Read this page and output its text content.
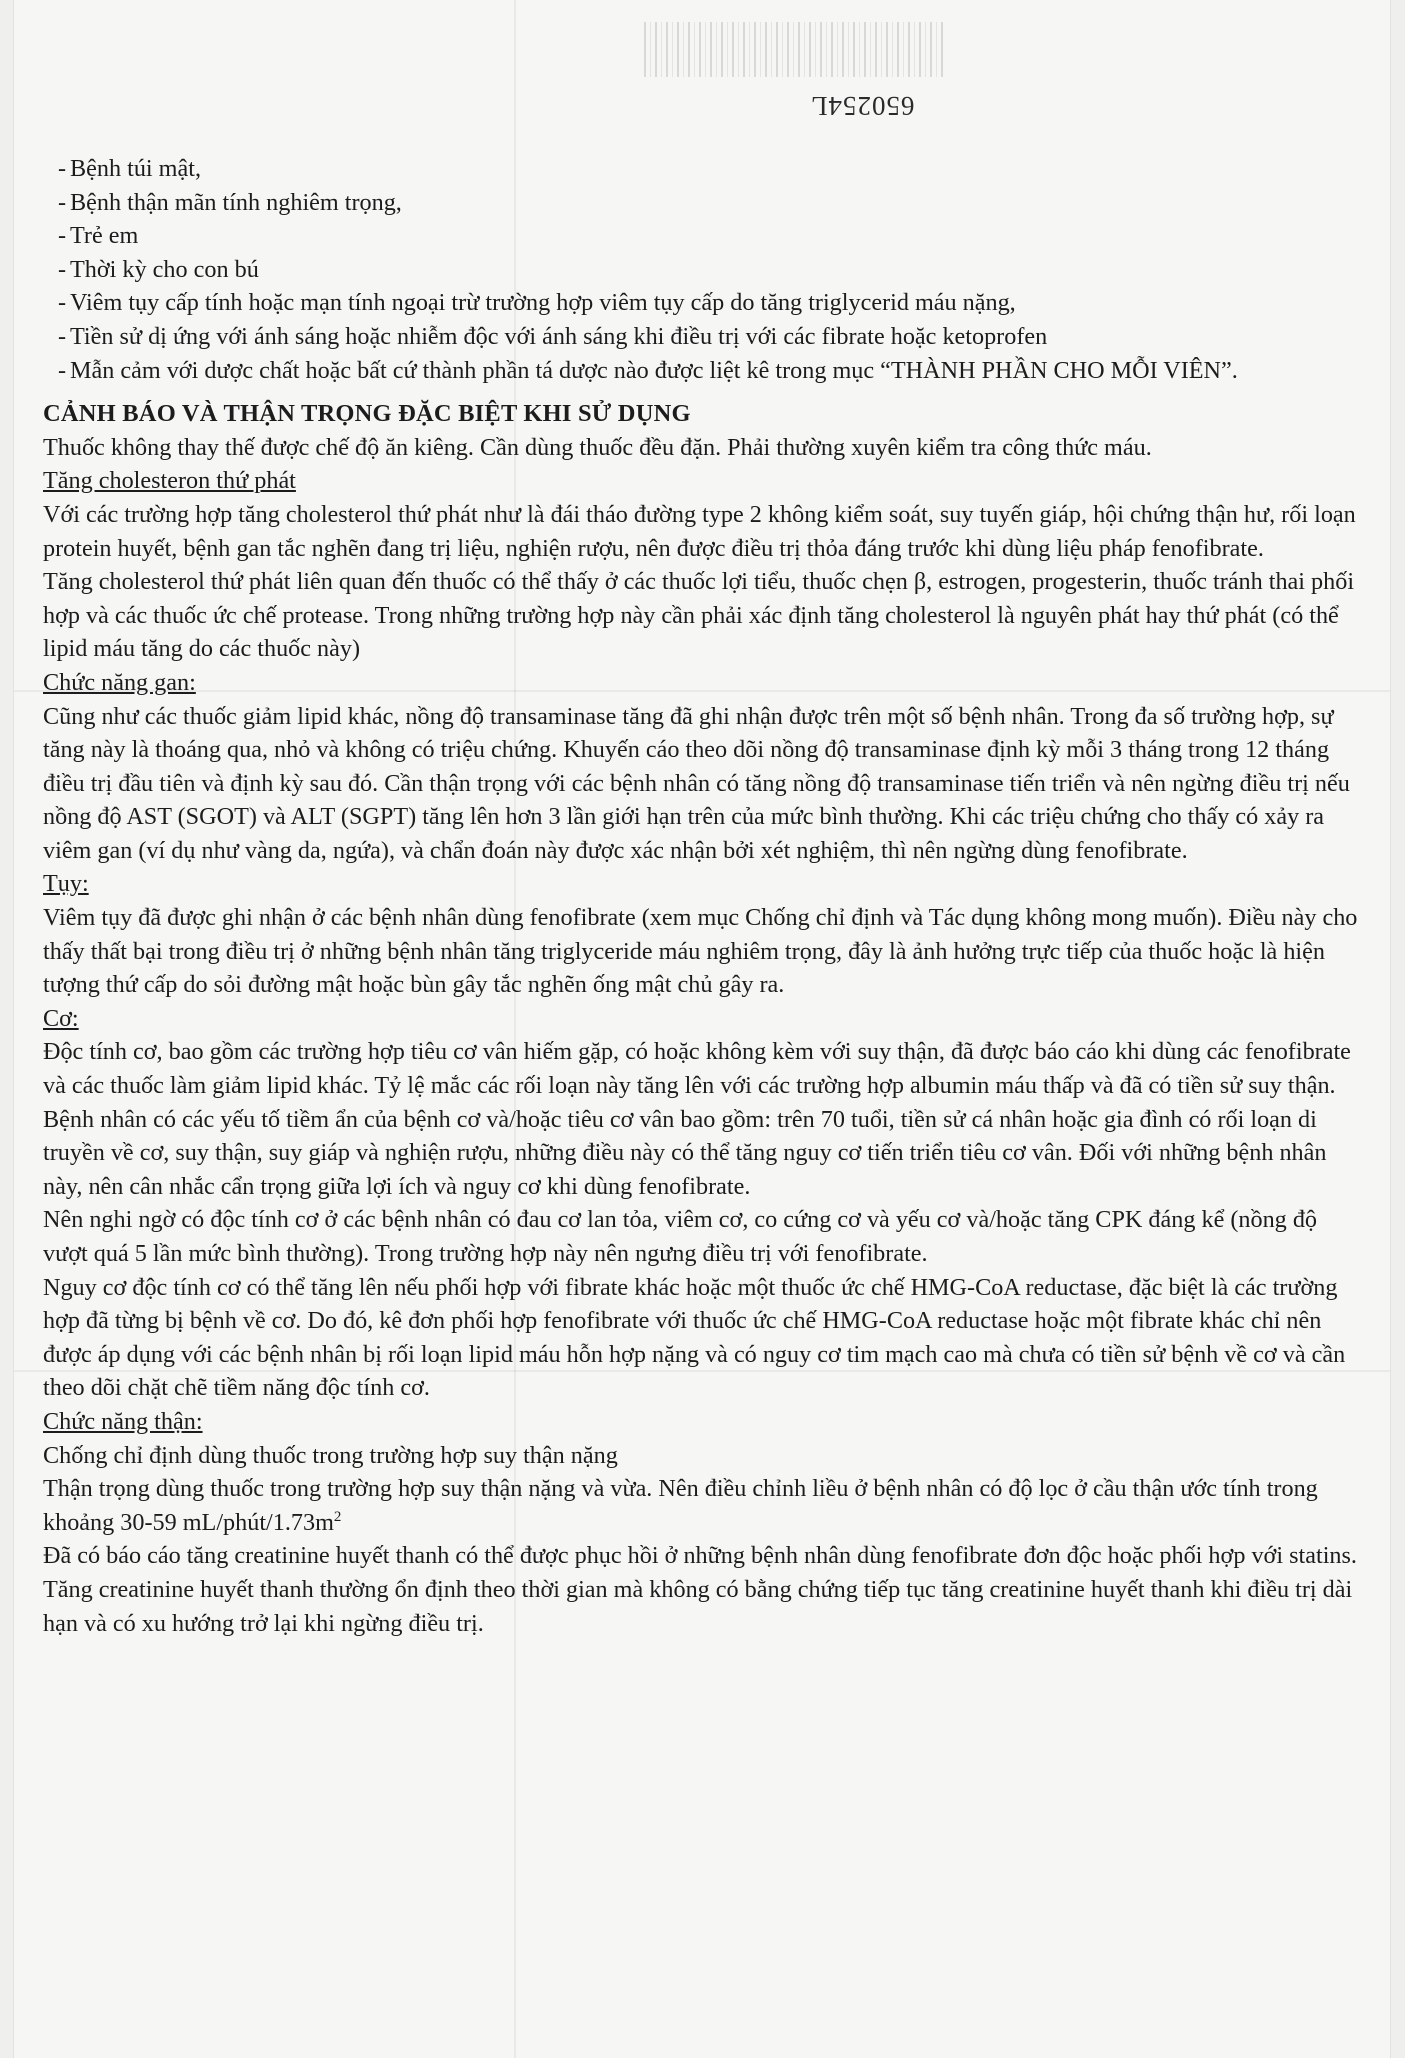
650254L
- Bệnh túi mật,
- Bệnh thận mãn tính nghiêm trọng,
- Trẻ em
- Thời kỳ cho con bú
- Viêm tụy cấp tính hoặc mạn tính ngoại trừ trường hợp viêm tụy cấp do tăng triglycerid máu nặng,
- Tiền sử dị ứng với ánh sáng hoặc nhiễm độc với ánh sáng khi điều trị với các fibrate hoặc ketoprofen
- Mẫn cảm với dược chất hoặc bất cứ thành phần tá dược nào được liệt kê trong mục “THÀNH PHẦN CHO MỖI VIÊN”.

CẢNH BÁO VÀ THẬN TRỌNG ĐẶC BIỆT KHI SỬ DỤNG

Thuốc không thay thế được chế độ ăn kiêng. Cần dùng thuốc đều đặn. Phải thường xuyên kiểm tra công thức máu.

Tăng cholesteron thứ phát

Với các trường hợp tăng cholesterol thứ phát như là đái tháo đường type 2 không kiểm soát, suy tuyến giáp, hội chứng thận hư, rối loạn protein huyết, bệnh gan tắc nghẽn đang trị liệu, nghiện rượu, nên được điều trị thỏa đáng trước khi dùng liệu pháp fenofibrate.

Tăng cholesterol thứ phát liên quan đến thuốc có thể thấy ở các thuốc lợi tiểu, thuốc chẹn β, estrogen, progesterin, thuốc tránh thai phối hợp và các thuốc ức chế protease. Trong những trường hợp này cần phải xác định tăng cholesterol là nguyên phát hay thứ phát (có thể lipid máu tăng do các thuốc này)

Chức năng gan:

Cũng như các thuốc giảm lipid khác, nồng độ transaminase tăng đã ghi nhận được trên một số bệnh nhân. Trong đa số trường hợp, sự tăng này là thoáng qua, nhỏ và không có triệu chứng. Khuyến cáo theo dõi nồng độ transaminase định kỳ mỗi 3 tháng trong 12 tháng điều trị đầu tiên và định kỳ sau đó. Cần thận trọng với các bệnh nhân có tăng nồng độ transaminase tiến triển và nên ngừng điều trị nếu nồng độ AST (SGOT) và ALT (SGPT) tăng lên hơn 3 lần giới hạn trên của mức bình thường. Khi các triệu chứng cho thấy có xảy ra viêm gan (ví dụ như vàng da, ngứa), và chẩn đoán này được xác nhận bởi xét nghiệm, thì nên ngừng dùng fenofibrate.

Tụy:

Viêm tụy đã được ghi nhận ở các bệnh nhân dùng fenofibrate (xem mục Chống chỉ định và Tác dụng không mong muốn). Điều này cho thấy thất bại trong điều trị ở những bệnh nhân tăng triglyceride máu nghiêm trọng, đây là ảnh hưởng trực tiếp của thuốc hoặc là hiện tượng thứ cấp do sỏi đường mật hoặc bùn gây tắc nghẽn ống mật chủ gây ra.

Cơ:

Độc tính cơ, bao gồm các trường hợp tiêu cơ vân hiếm gặp, có hoặc không kèm với suy thận, đã được báo cáo khi dùng các fenofibrate và các thuốc làm giảm lipid khác. Tỷ lệ mắc các rối loạn này tăng lên với các trường hợp albumin máu thấp và đã có tiền sử suy thận.

Bệnh nhân có các yếu tố tiềm ẩn của bệnh cơ và/hoặc tiêu cơ vân bao gồm: trên 70 tuổi, tiền sử cá nhân hoặc gia đình có rối loạn di truyền về cơ, suy thận, suy giáp và nghiện rượu, những điều này có thể tăng nguy cơ tiến triển tiêu cơ vân. Đối với những bệnh nhân này, nên cân nhắc cẩn trọng giữa lợi ích và nguy cơ khi dùng fenofibrate.

Nên nghi ngờ có độc tính cơ ở các bệnh nhân có đau cơ lan tỏa, viêm cơ, co cứng cơ và yếu cơ và/hoặc tăng CPK đáng kể (nồng độ vượt quá 5 lần mức bình thường). Trong trường hợp này nên ngưng điều trị với fenofibrate.

Nguy cơ độc tính cơ có thể tăng lên nếu phối hợp với fibrate khác hoặc một thuốc ức chế HMG-CoA reductase, đặc biệt là các trường hợp đã từng bị bệnh về cơ. Do đó, kê đơn phối hợp fenofibrate với thuốc ức chế HMG-CoA reductase hoặc một fibrate khác chỉ nên được áp dụng với các bệnh nhân bị rối loạn lipid máu hỗn hợp nặng và có nguy cơ tim mạch cao mà chưa có tiền sử bệnh về cơ và cần theo dõi chặt chẽ tiềm năng độc tính cơ.

Chức năng thận:

Chống chỉ định dùng thuốc trong trường hợp suy thận nặng

Thận trọng dùng thuốc trong trường hợp suy thận nặng và vừa. Nên điều chỉnh liều ở bệnh nhân có độ lọc ở cầu thận ước tính trong khoảng 30-59 $mL/phút/1.73m^2$

Đã có báo cáo tăng creatinine huyết thanh có thể được phục hồi ở những bệnh nhân dùng fenofibrate đơn độc hoặc phối hợp với statins. Tăng creatinine huyết thanh thường ổn định theo thời gian mà không có bằng chứng tiếp tục tăng creatinine huyết thanh khi điều trị dài hạn và có xu hướng trở lại khi ngừng điều trị.
